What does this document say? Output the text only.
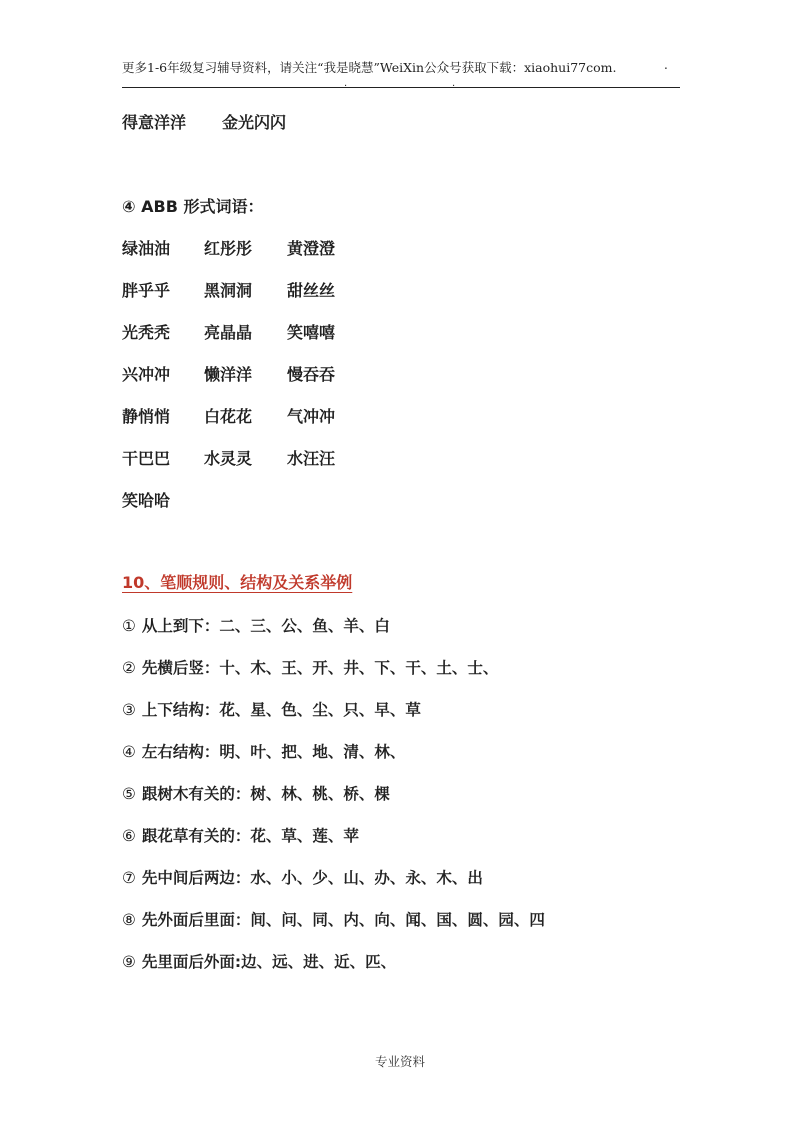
更多1-6年级复习辅导资料，请关注“我是晓慧”WeiXin公众号获取下载：xiaohui77com.	.
.	.
得意洋洋 金光闪闪
④ ABB 形式词语：
绿油油 红彤彤 黄澄澄
胖乎乎 黑洞洞 甜丝丝
光秃秃 亮晶晶 笑嘻嘻
兴冲冲 懒洋洋 慢吞吞
静悄悄 白花花 气冲冲
干巴巴 水灵灵 水汪汪
笑哈哈
10、笔顺规则、结构及关系举例
① 从上到下：二、三、公、鱼、羊、白
② 先横后竖：十、木、王、开、井、下、干、土、士、
③ 上下结构：花、星、色、尘、只、早、草
④ 左右结构：明、叶、把、地、清、林、
⑤ 跟树木有关的：树、林、桃、桥、棵
⑥ 跟花草有关的：花、草、莲、苹
⑦ 先中间后两边：水、小、少、山、办、永、木、出
⑧ 先外面后里面：间、问、同、内、向、闻、国、圆、园、四
⑨ 先里面后外面:边、远、进、近、匹、
专业资料
